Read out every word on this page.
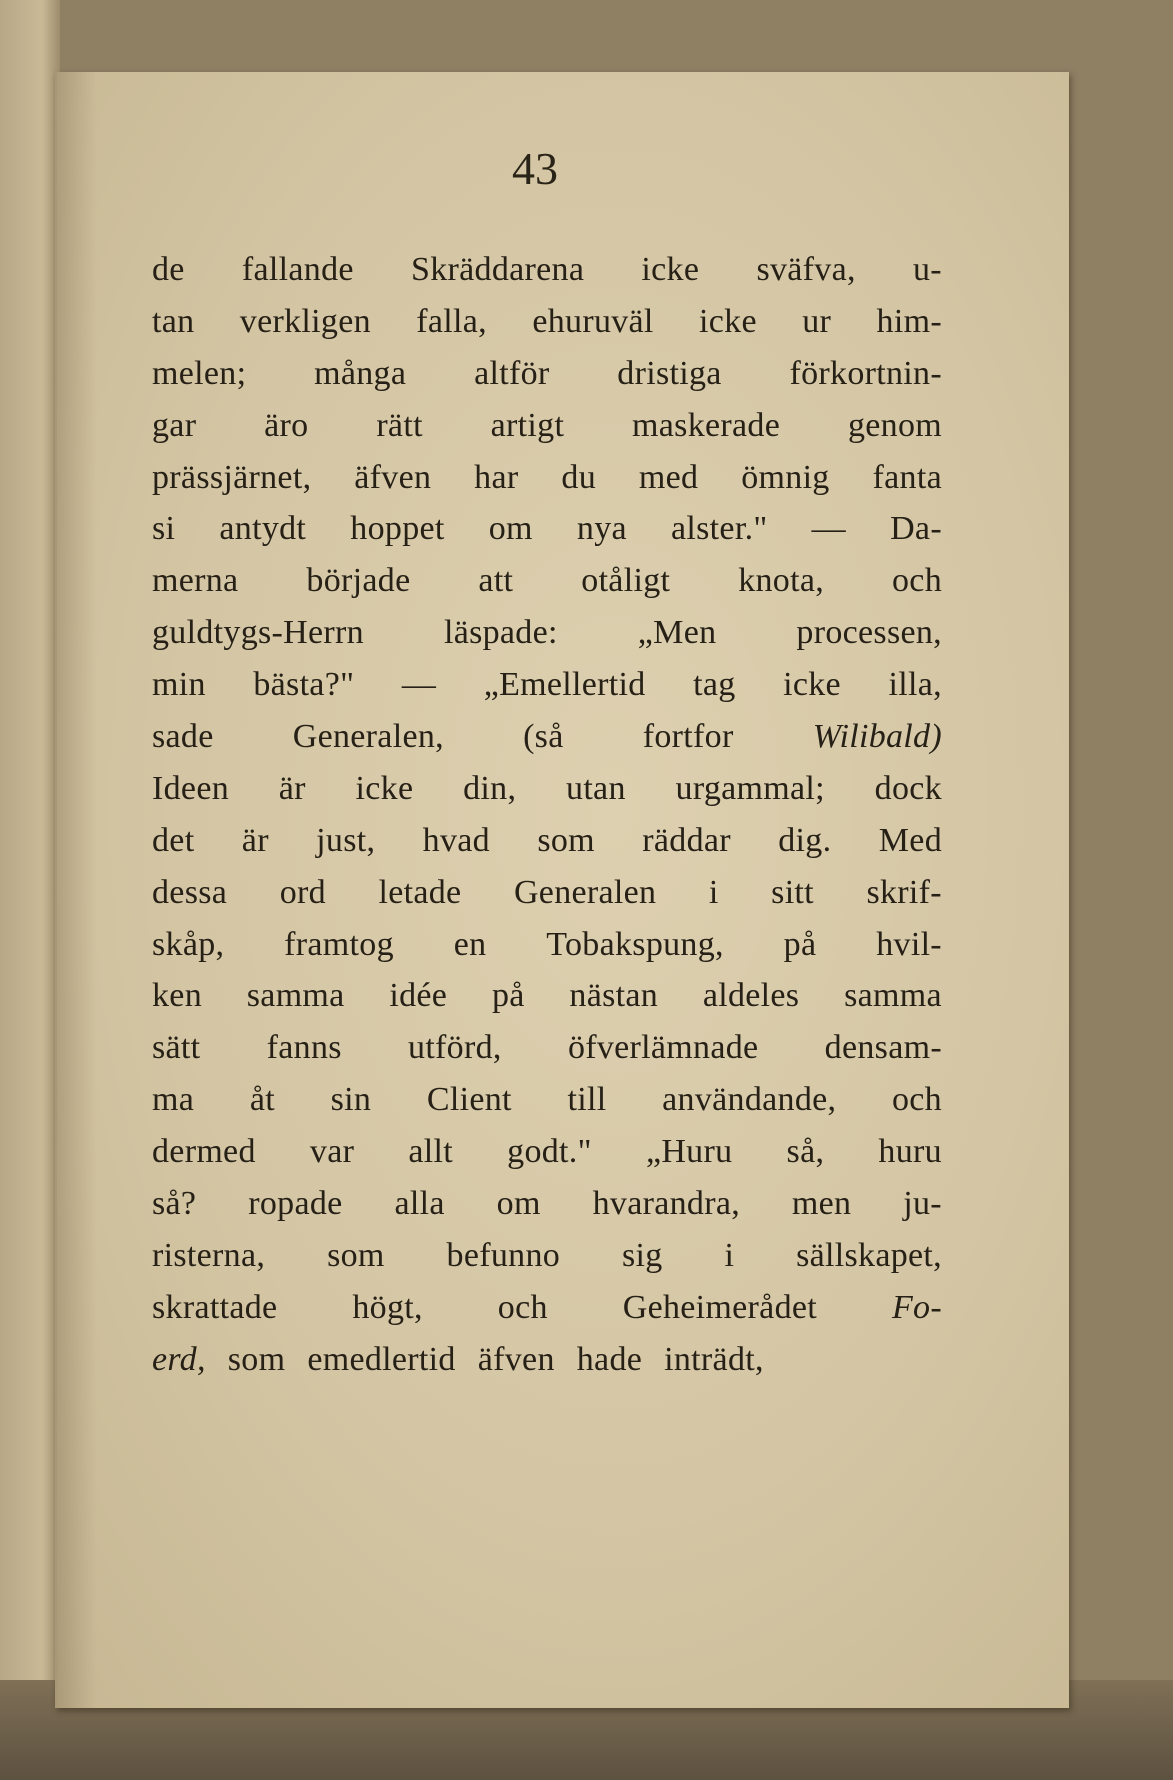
43
de fallande Skräddarena icke sväfva, u-
tan verkligen falla, ehuruväl icke ur him-
melen; många altför dristiga förkortnin-
gar äro rätt artigt maskerade genom
prässjärnet, äfven har du med ömnig fanta
si antydt hoppet om nya alster." — Da-
merna började att otåligt knota, och
guldtygs-Herrn läspade: „Men processen,
min bästa?" — „Emellertid tag icke illa,
sade Generalen, (så fortfor Wilibald)
Ideen är icke din, utan urgammal; dock
det är just, hvad som räddar dig. Med
dessa ord letade Generalen i sitt skrif-
skåp, framtog en Tobakspung, på hvil-
ken samma idée på nästan aldeles samma
sätt fanns utförd, öfverlämnade densam-
ma åt sin Client till användande, och
dermed var allt godt." „Huru så, huru
så? ropade alla om hvarandra, men ju-
risterna, som befunno sig i sällskapet,
skrattade högt, och Geheimerådet Fo-
erd, som emedlertid äfven hade inträdt,
